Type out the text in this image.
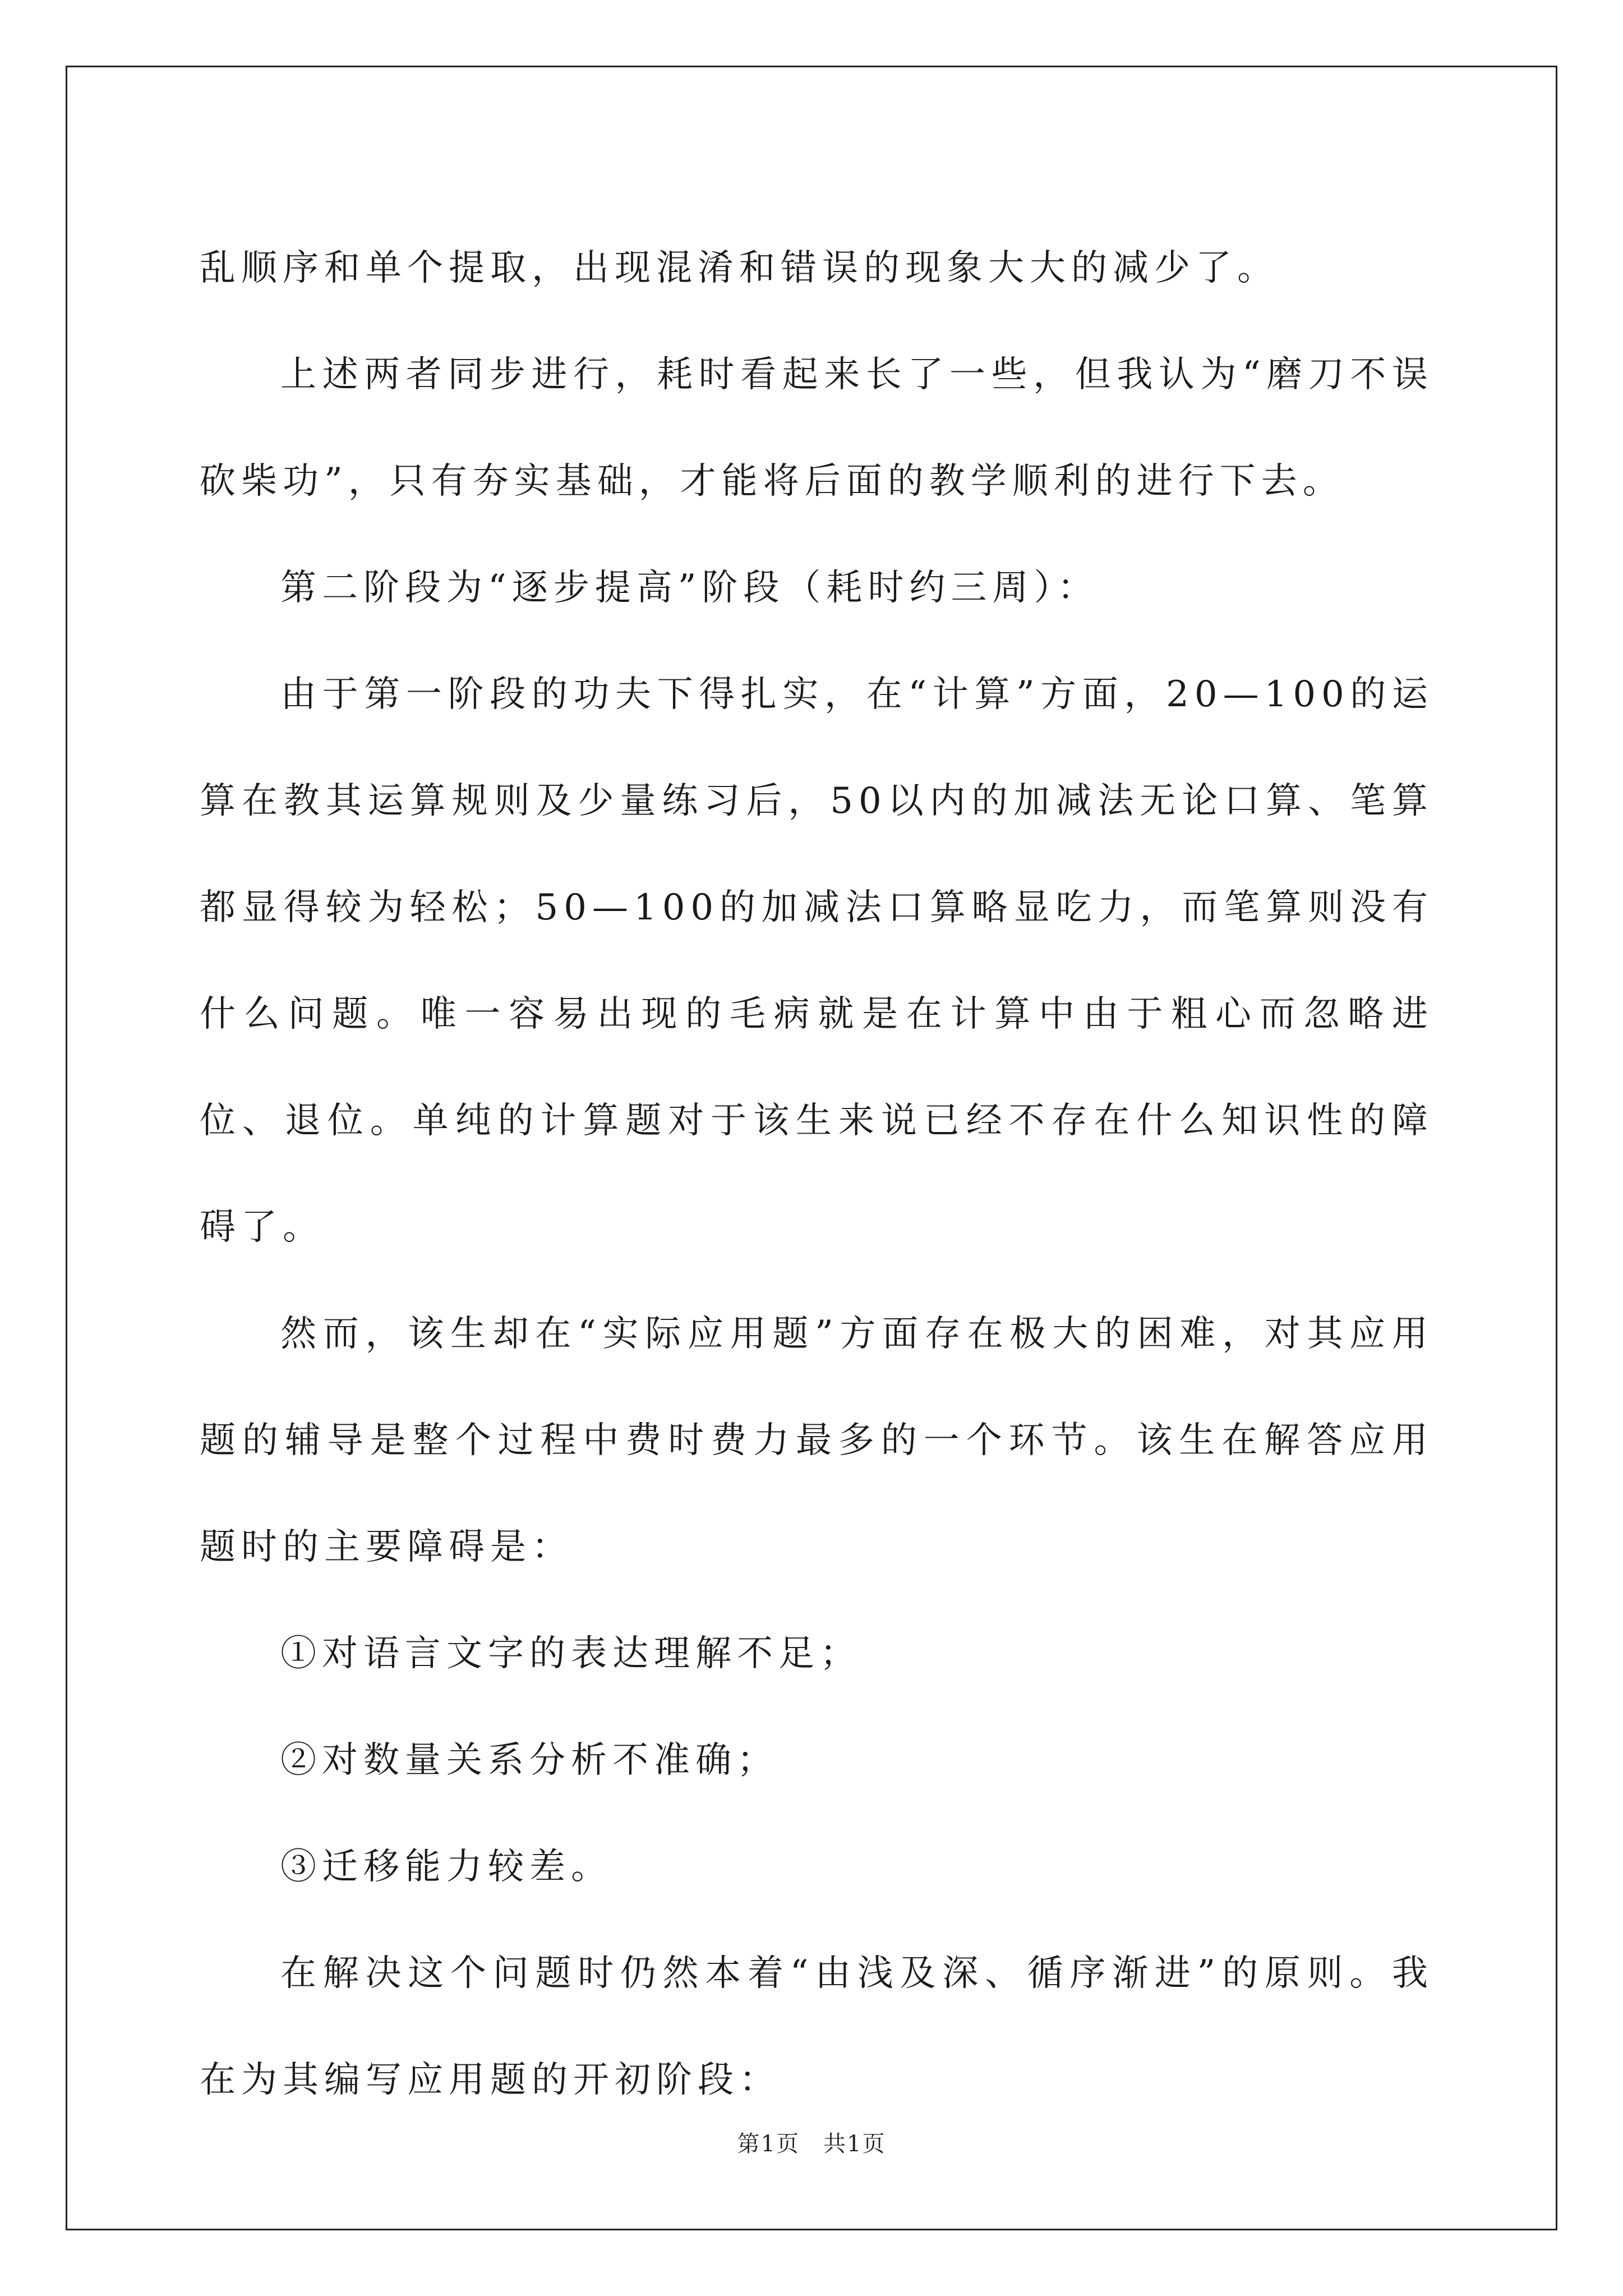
乱顺序和单个提取，出现混淆和错误的现象大大的减少了。

上述两者同步进行，耗时看起来长了一些，但我认为“磨刀不误砍柴功”，只有夯实基础，才能将后面的教学顺利的进行下去。

第二阶段为“逐步提高”阶段（耗时约三周）：

由于第一阶段的功夫下得扎实，在“计算”方面，20—100的运算在教其运算规则及少量练习后，50以内的加减法无论口算、笔算都显得较为轻松；50—100的加减法口算略显吃力，而笔算则没有什么问题。唯一容易出现的毛病就是在计算中由于粗心而忽略进位、退位。单纯的计算题对于该生来说已经不存在什么知识性的障碍了。

然而，该生却在“实际应用题”方面存在极大的困难，对其应用题的辅导是整个过程中费时费力最多的一个环节。该生在解答应用题时的主要障碍是：

①对语言文字的表达理解不足；

②对数量关系分析不准确；

③迁移能力较差。

在解决这个问题时仍然本着“由浅及深、循序渐进”的原则。我在为其编写应用题的开初阶段：

第1页　共1页
